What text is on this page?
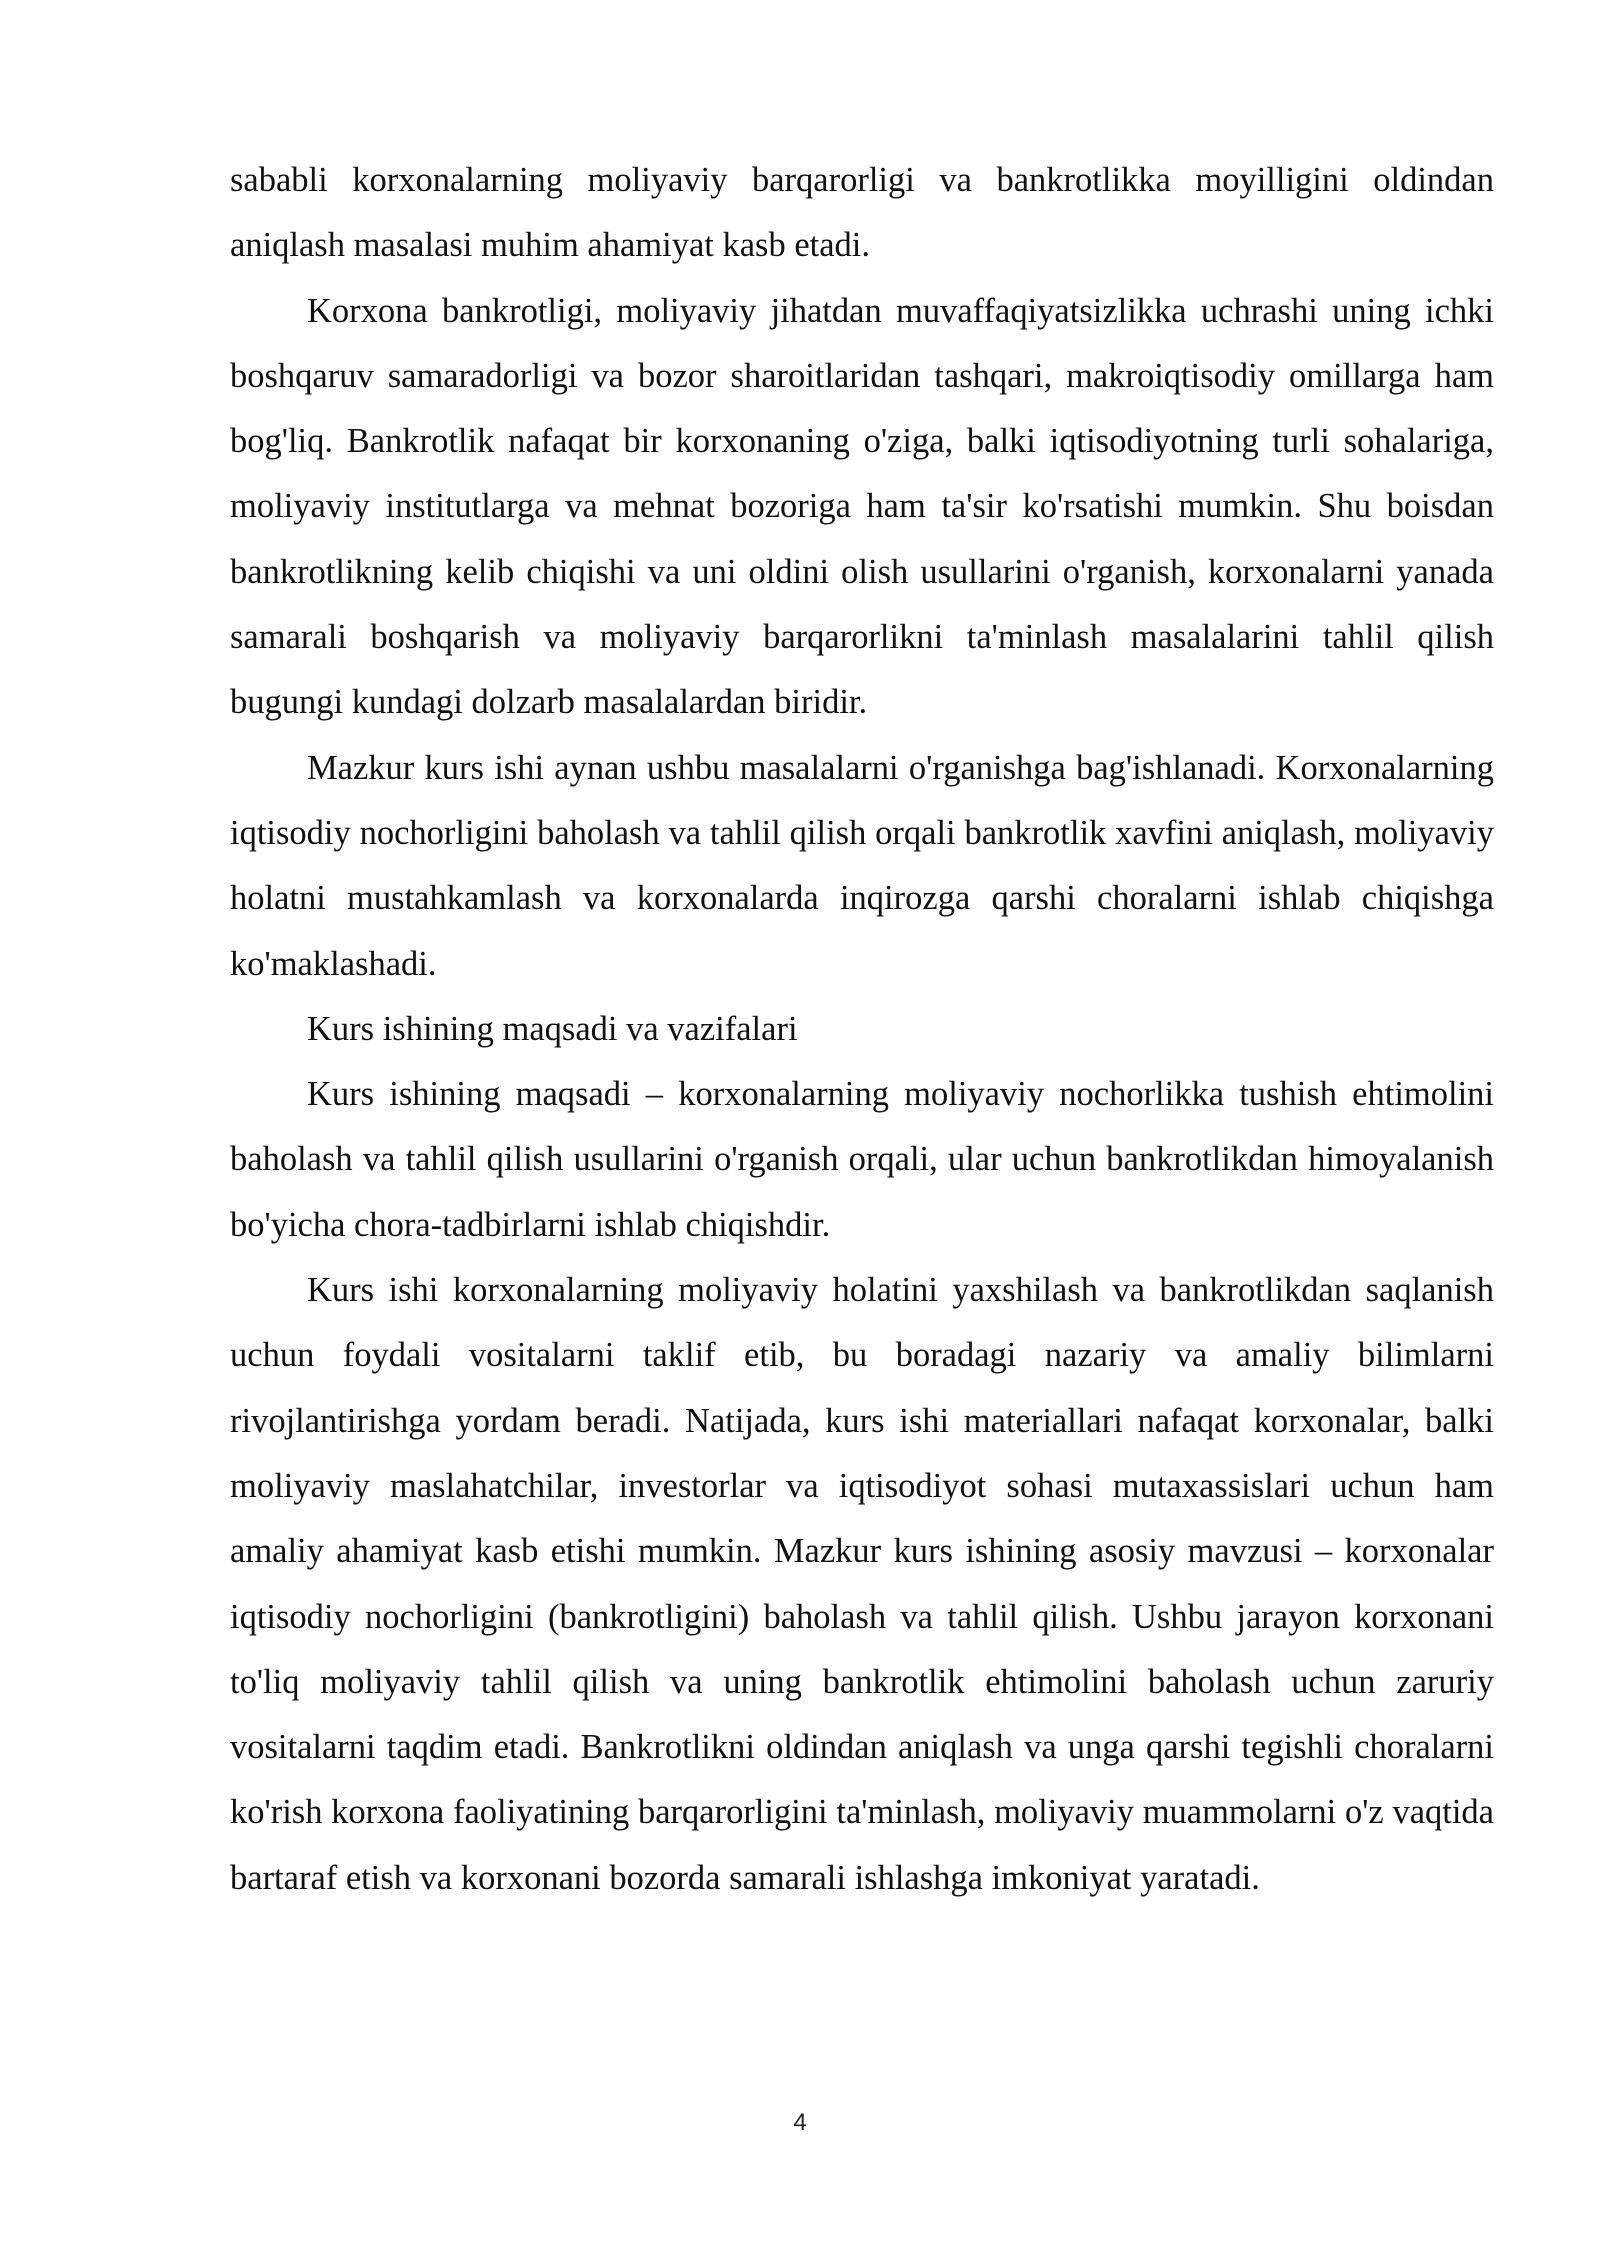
sababli korxonalarning moliyaviy barqarorligi va bankrotlikka moyilligini oldindan aniqlash masalasi muhim ahamiyat kasb etadi.

Korxona bankrotligi, moliyaviy jihatdan muvaffaqiyatsizlikka uchrashi uning ichki boshqaruv samaradorligi va bozor sharoitlaridan tashqari, makroiqtisodiy omillarga ham bog'liq. Bankrotlik nafaqat bir korxonaning o'ziga, balki iqtisodiyotning turli sohalariga, moliyaviy institutlarga va mehnat bozoriga ham ta'sir ko'rsatishi mumkin. Shu boisdan bankrotlikning kelib chiqishi va uni oldini olish usullarini o'rganish, korxonalarni yanada samarali boshqarish va moliyaviy barqarorlikni ta'minlash masalalarini tahlil qilish bugungi kundagi dolzarb masalalardan biridir.

Mazkur kurs ishi aynan ushbu masalalarni o'rganishga bag'ishlanadi. Korxonalarning iqtisodiy nochorligini baholash va tahlil qilish orqali bankrotlik xavfini aniqlash, moliyaviy holatni mustahkamlash va korxonalarda inqirozga qarshi choralarni ishlab chiqishga ko'maklashadi.

Kurs ishining maqsadi va vazifalari

Kurs ishining maqsadi – korxonalarning moliyaviy nochorlikka tushish ehtimolini baholash va tahlil qilish usullarini o'rganish orqali, ular uchun bankrotlikdan himoyalanish bo'yicha chora-tadbirlarni ishlab chiqishdir.

Kurs ishi korxonalarning moliyaviy holatini yaxshilash va bankrotlikdan saqlanish uchun foydali vositalarni taklif etib, bu boradagi nazariy va amaliy bilimlarni rivojlantirishga yordam beradi. Natijada, kurs ishi materiallari nafaqat korxonalar, balki moliyaviy maslahatchilar, investorlar va iqtisodiyot sohasi mutaxassislari uchun ham amaliy ahamiyat kasb etishi mumkin. Mazkur kurs ishining asosiy mavzusi – korxonalar iqtisodiy nochorligini (bankrotligini) baholash va tahlil qilish. Ushbu jarayon korxonani to'liq moliyaviy tahlil qilish va uning bankrotlik ehtimolini baholash uchun zaruriy vositalarni taqdim etadi. Bankrotlikni oldindan aniqlash va unga qarshi tegishli choralarni ko'rish korxona faoliyatining barqarorligini ta'minlash, moliyaviy muammolarni o'z vaqtida bartaraf etish va korxonani bozorda samarali ishlashga imkoniyat yaratadi.

4
